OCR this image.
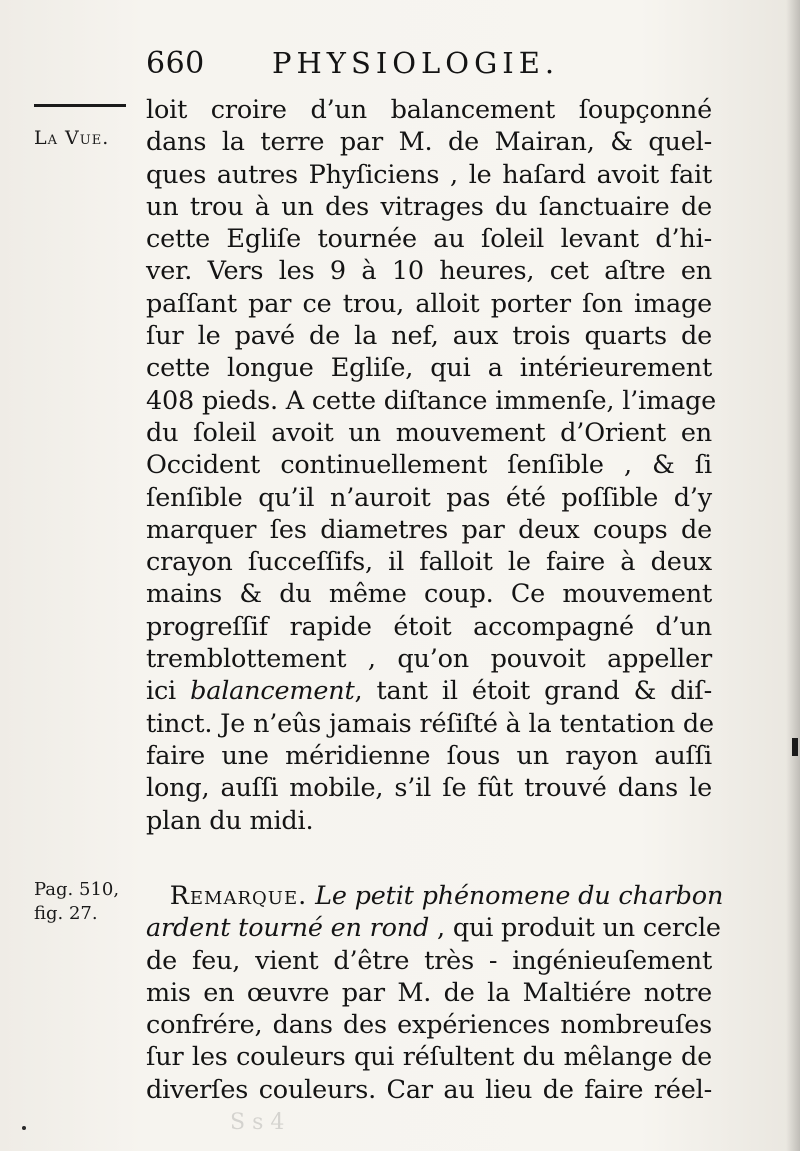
660 PHYSIOLOGIE.
La Vue.
Pag. 510,
fig. 27.
loit croire d’un balancement ſoupçonné
dans la terre par M. de Mairan, & quel-
ques autres Phyſiciens , le haſard avoit fait
un trou à un des vitrages du ſanctuaire de
cette Egliſe tournée au ſoleil levant d’hi-
ver. Vers les 9 à 10 heures, cet aſtre en
paſſant par ce trou, alloit porter ſon image
ſur le pavé de la nef, aux trois quarts de
cette longue Egliſe, qui a intérieurement
408 pieds. A cette diſtance immenſe, l’image
du ſoleil avoit un mouvement d’Orient en
Occident continuellement ſenſible , & ſi
ſenſible qu’il n’auroit pas été poſſible d’y
marquer ſes diametres par deux coups de
crayon ſucceſſifs, il falloit le faire à deux
mains & du même coup. Ce mouvement
progreſſif rapide étoit accompagné d’un
tremblottement , qu’on pouvoit appeller
ici balancement, tant il étoit grand & diſ-
tinct. Je n’eûs jamais réſiſté à la tentation de
faire une méridienne ſous un rayon auſſi
long, auſſi mobile, s’il ſe fût trouvé dans le
plan du midi.
Remarque. Le petit phénomene du charbon
ardent tourné en rond , qui produit un cercle
de feu, vient d’être très - ingénieuſement
mis en œuvre par M. de la Maltiére notre
confrére, dans des expériences nombreuſes
ſur les couleurs qui réſultent du mêlange de
diverſes couleurs. Car au lieu de faire réel-
S s 4
